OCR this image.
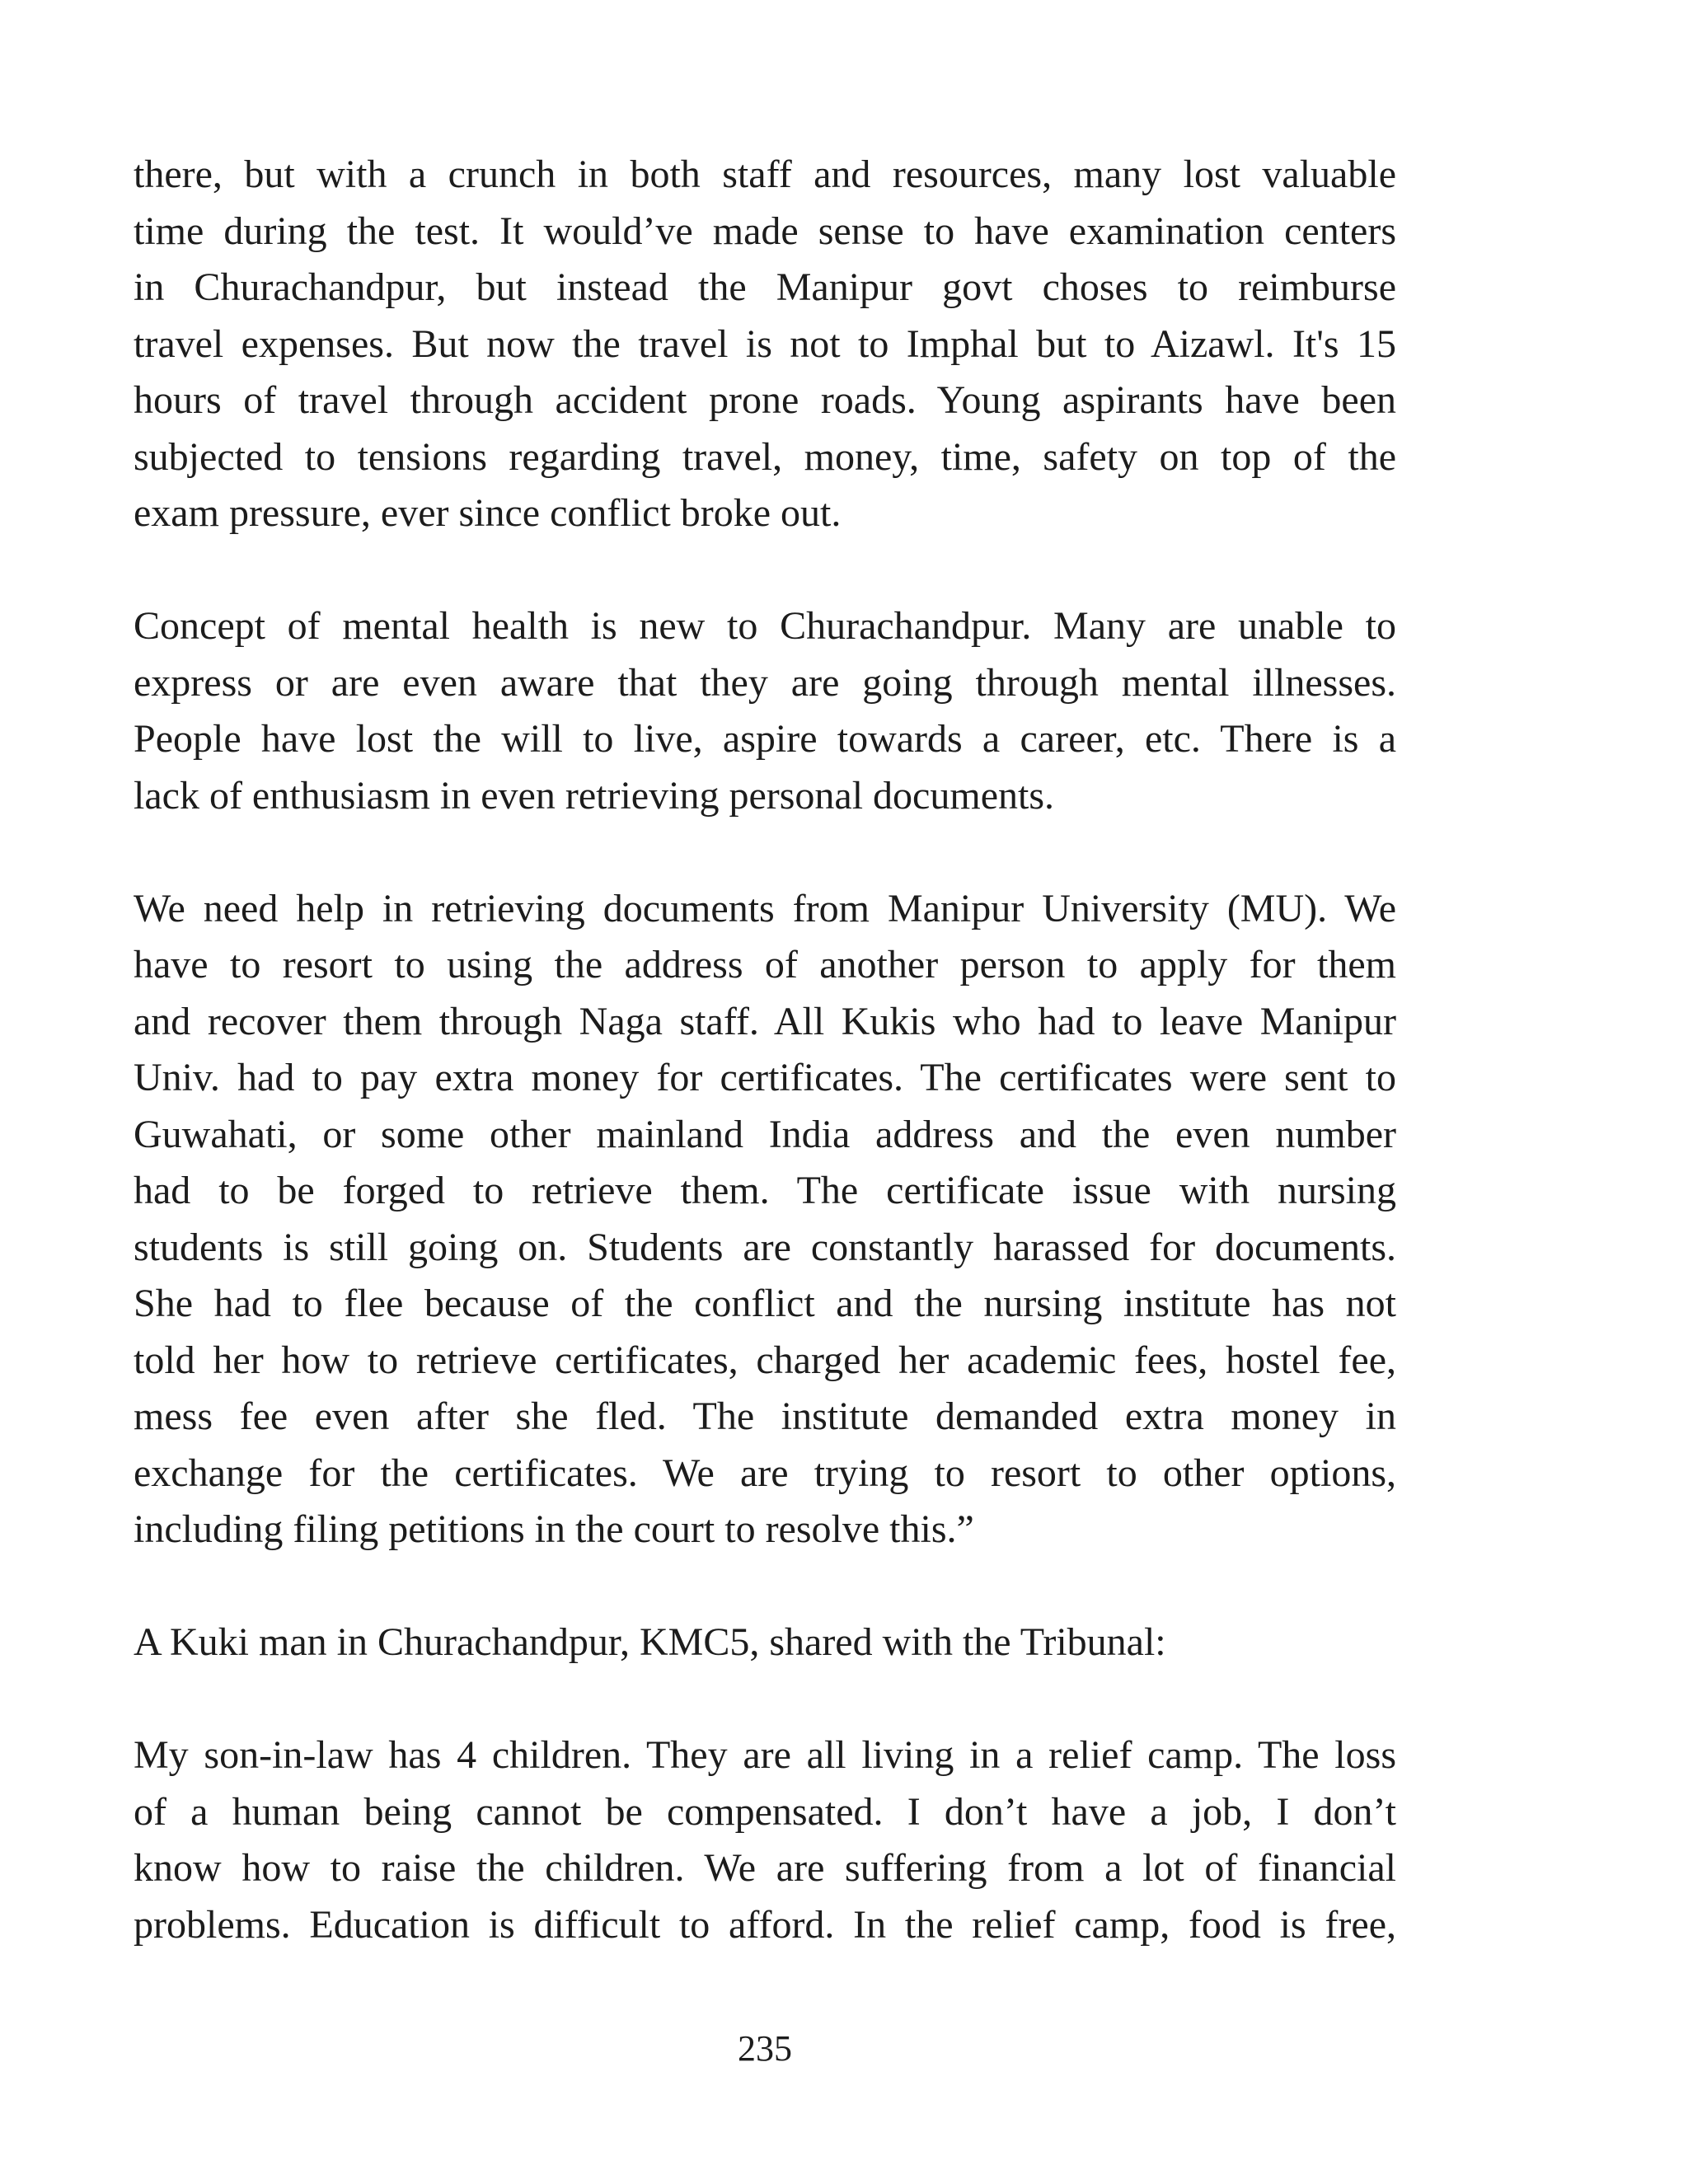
there, but with a crunch in both staff and resources, many lost valuable
time during the test. It would’ve made sense to have examination centers
in Churachandpur, but instead the Manipur govt choses to reimburse
travel expenses. But now the travel is not to Imphal but to Aizawl. It's 15
hours of travel through accident prone roads. Young aspirants have been
subjected to tensions regarding travel, money, time, safety on top of the
exam pressure, ever since conflict broke out.
Concept of mental health is new to Churachandpur. Many are unable to
express or are even aware that they are going through mental illnesses.
People have lost the will to live, aspire towards a career, etc. There is a
lack of enthusiasm in even retrieving personal documents.
We need help in retrieving documents from Manipur University (MU). We
have to resort to using the address of another person to apply for them
and recover them through Naga staff. All Kukis who had to leave Manipur
Univ. had to pay extra money for certificates. The certificates were sent to
Guwahati, or some other mainland India address and the even number
had to be forged to retrieve them. The certificate issue with nursing
students is still going on. Students are constantly harassed for documents.
She had to flee because of the conflict and the nursing institute has not
told her how to retrieve certificates, charged her academic fees, hostel fee,
mess fee even after she fled. The institute demanded extra money in
exchange for the certificates. We are trying to resort to other options,
including filing petitions in the court to resolve this.”
A Kuki man in Churachandpur, KMC5, shared with the Tribunal:
My son-in-law has 4 children. They are all living in a relief camp. The loss
of a human being cannot be compensated. I don’t have a job, I don’t
know how to raise the children. We are suffering from a lot of financial
problems. Education is difficult to afford. In the relief camp, food is free,
235
